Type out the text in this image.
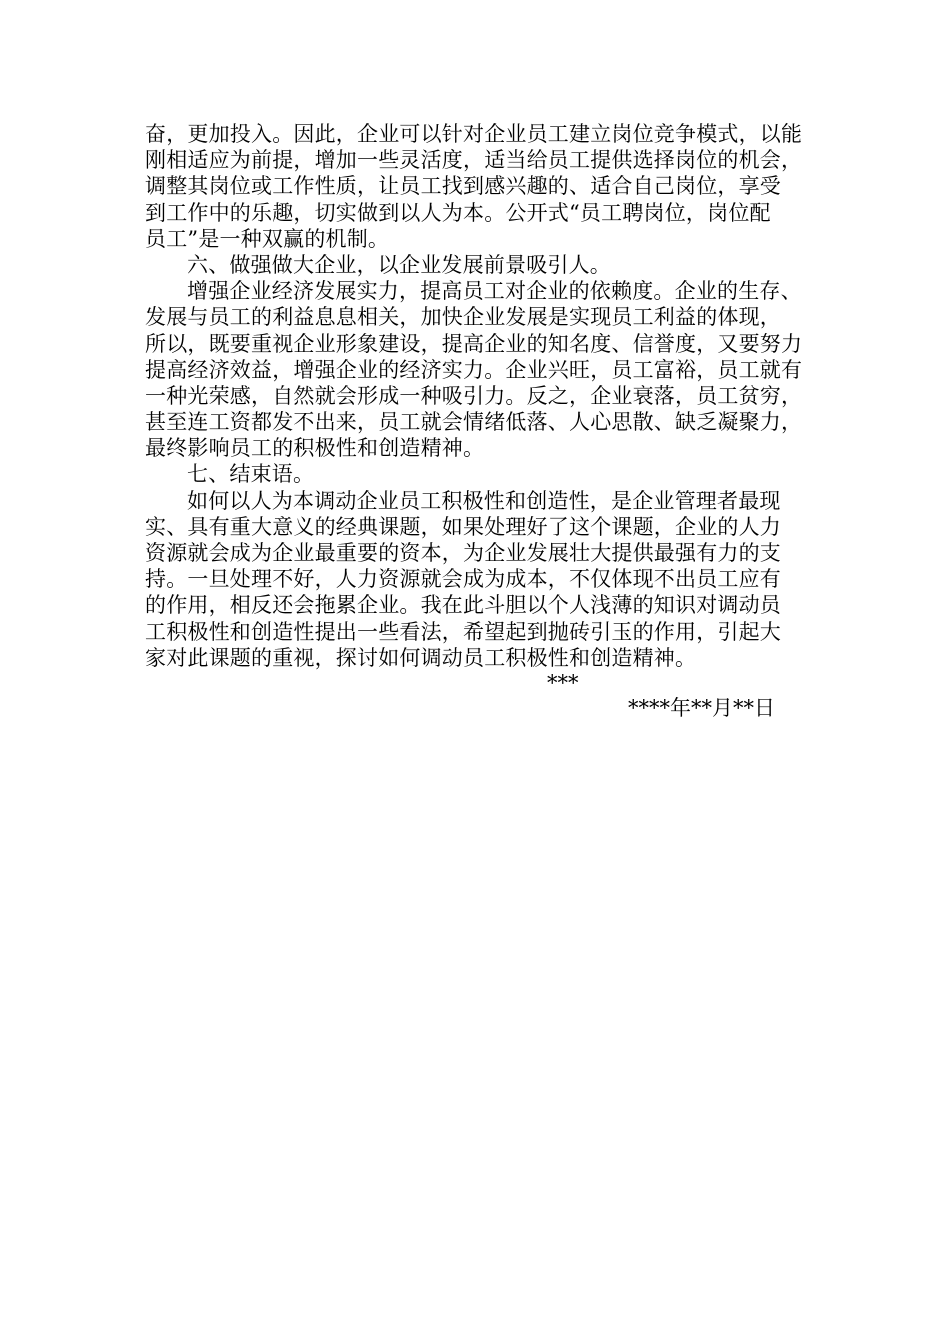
奋，更加投入。因此，企业可以针对企业员工建立岗位竞争模式，以能
刚相适应为前提，增加一些灵活度，适当给员工提供选择岗位的机会，
调整其岗位或工作性质，让员工找到感兴趣的、适合自己岗位，享受
到工作中的乐趣，切实做到以人为本。公开式“员工聘岗位，岗位配
员工”是一种双赢的机制。
六、做强做大企业，以企业发展前景吸引人。
增强企业经济发展实力，提高员工对企业的依赖度。企业的生存、
发展与员工的利益息息相关，加快企业发展是实现员工利益的体现，
所以，既要重视企业形象建设，提高企业的知名度、信誉度，又要努力
提高经济效益，增强企业的经济实力。企业兴旺，员工富裕，员工就有
一种光荣感，自然就会形成一种吸引力。反之，企业衰落，员工贫穷，
甚至连工资都发不出来，员工就会情绪低落、人心思散、缺乏凝聚力，
最终影响员工的积极性和创造精神。
七、结束语。
如何以人为本调动企业员工积极性和创造性，是企业管理者最现
实、具有重大意义的经典课题，如果处理好了这个课题，企业的人力
资源就会成为企业最重要的资本，为企业发展壮大提供最强有力的支
持。一旦处理不好，人力资源就会成为成本，不仅体现不出员工应有
的作用，相反还会拖累企业。我在此斗胆以个人浅薄的知识对调动员
工积极性和创造性提出一些看法，希望起到抛砖引玉的作用，引起大
家对此课题的重视，探讨如何调动员工积极性和创造精神。
***
****年**月**日
